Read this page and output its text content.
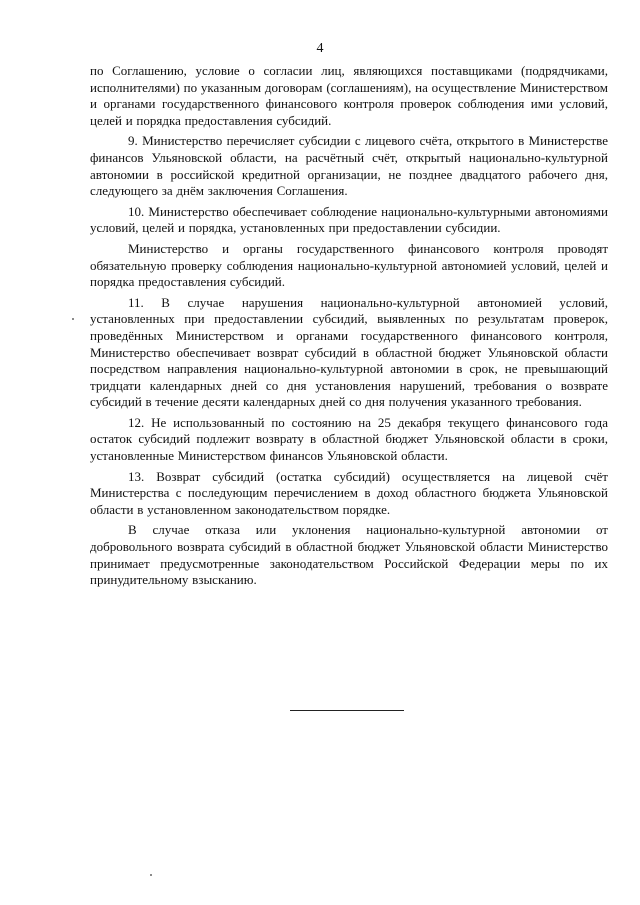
4

по Соглашению, условие о согласии лиц, являющихся поставщиками (подрядчиками, исполнителями) по указанным договорам (соглашениям), на осуществление Министерством и органами государственного финансового контроля проверок соблюдения ими условий, целей и порядка предоставления субсидий.

9. Министерство перечисляет субсидии с лицевого счёта, открытого в Министерстве финансов Ульяновской области, на расчётный счёт, открытый национально-культурной автономии в российской кредитной организации, не позднее двадцатого рабочего дня, следующего за днём заключения Соглашения.

10. Министерство обеспечивает соблюдение национально-культурными автономиями условий, целей и порядка, установленных при предоставлении субсидии.

Министерство и органы государственного финансового контроля проводят обязательную проверку соблюдения национально-культурной автономией условий, целей и порядка предоставления субсидий.

11. В случае нарушения национально-культурной автономией условий, установленных при предоставлении субсидий, выявленных по результатам проверок, проведённых Министерством и органами государственного финансового контроля, Министерство обеспечивает возврат субсидий в областной бюджет Ульяновской области посредством направления национально-культурной автономии в срок, не превышающий тридцати календарных дней со дня установления нарушений, требования о возврате субсидий в течение десяти календарных дней со дня получения указанного требования.

12. Не использованный по состоянию на 25 декабря текущего финансового года остаток субсидий подлежит возврату в областной бюджет Ульяновской области в сроки, установленные Министерством финансов Ульяновской области.

13. Возврат субсидий (остатка субсидий) осуществляется на лицевой счёт Министерства с последующим перечислением в доход областного бюджета Ульяновской области в установленном законодательством порядке.

В случае отказа или уклонения национально-культурной автономии от добровольного возврата субсидий в областной бюджет Ульяновской области Министерство принимает предусмотренные законодательством Российской Федерации меры по их принудительному взысканию.
